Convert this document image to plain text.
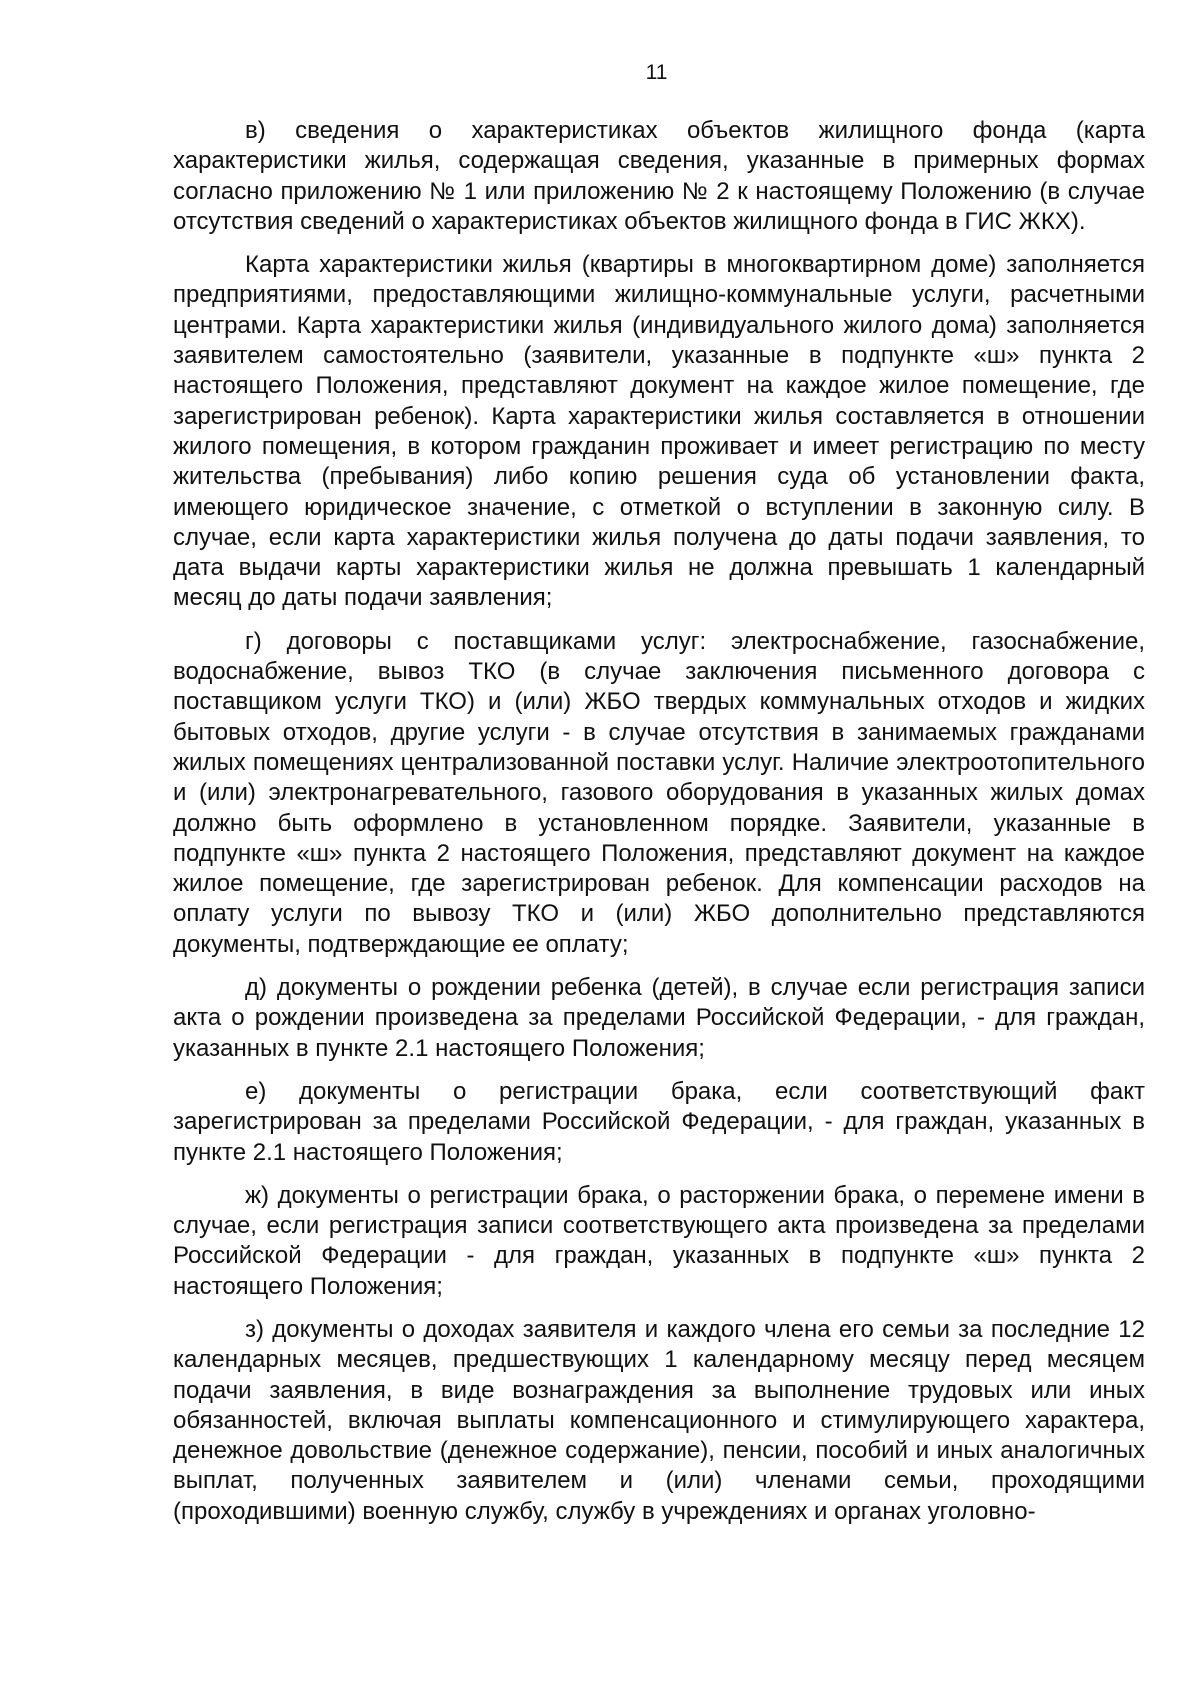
11

в) сведения о характеристиках объектов жилищного фонда (карта характеристики жилья, содержащая сведения, указанные в примерных формах согласно приложению № 1 или приложению № 2 к настоящему Положению (в случае отсутствия сведений о характеристиках объектов жилищного фонда в ГИС ЖКХ).

Карта характеристики жилья (квартиры в многоквартирном доме) заполняется предприятиями, предоставляющими жилищно-коммунальные услуги, расчетными центрами. Карта характеристики жилья (индивидуального жилого дома) заполняется заявителем самостоятельно (заявители, указанные в подпункте «ш» пункта 2 настоящего Положения, представляют документ на каждое жилое помещение, где зарегистрирован ребенок). Карта характеристики жилья составляется в отношении жилого помещения, в котором гражданин проживает и имеет регистрацию по месту жительства (пребывания) либо копию решения суда об установлении факта, имеющего юридическое значение, с отметкой о вступлении в законную силу. В случае, если карта характеристики жилья получена до даты подачи заявления, то дата выдачи карты характеристики жилья не должна превышать 1 календарный месяц до даты подачи заявления;

г) договоры с поставщиками услуг: электроснабжение, газоснабжение, водоснабжение, вывоз ТКО (в случае заключения письменного договора с поставщиком услуги ТКО) и (или) ЖБО твердых коммунальных отходов и жидких бытовых отходов, другие услуги - в случае отсутствия в занимаемых гражданами жилых помещениях централизованной поставки услуг. Наличие электроотопительного и (или) электронагревательного, газового оборудования в указанных жилых домах должно быть оформлено в установленном порядке. Заявители, указанные в подпункте «ш» пункта 2 настоящего Положения, представляют документ на каждое жилое помещение, где зарегистрирован ребенок. Для компенсации расходов на оплату услуги по вывозу ТКО и (или) ЖБО дополнительно представляются документы, подтверждающие ее оплату;

д) документы о рождении ребенка (детей), в случае если регистрация записи акта о рождении произведена за пределами Российской Федерации, - для граждан, указанных в пункте 2.1 настоящего Положения;

е) документы о регистрации брака, если соответствующий факт зарегистрирован за пределами Российской Федерации, - для граждан, указанных в пункте 2.1 настоящего Положения;

ж) документы о регистрации брака, о расторжении брака, о перемене имени в случае, если регистрация записи соответствующего акта произведена за пределами Российской Федерации - для граждан, указанных в подпункте «ш» пункта 2 настоящего Положения;

з) документы о доходах заявителя и каждого члена его семьи за последние 12 календарных месяцев, предшествующих 1 календарному месяцу перед месяцем подачи заявления, в виде вознаграждения за выполнение трудовых или иных обязанностей, включая выплаты компенсационного и стимулирующего характера, денежное довольствие (денежное содержание), пенсии, пособий и иных аналогичных выплат, полученных заявителем и (или) членами семьи, проходящими (проходившими) военную службу, службу в учреждениях и органах уголовно-
